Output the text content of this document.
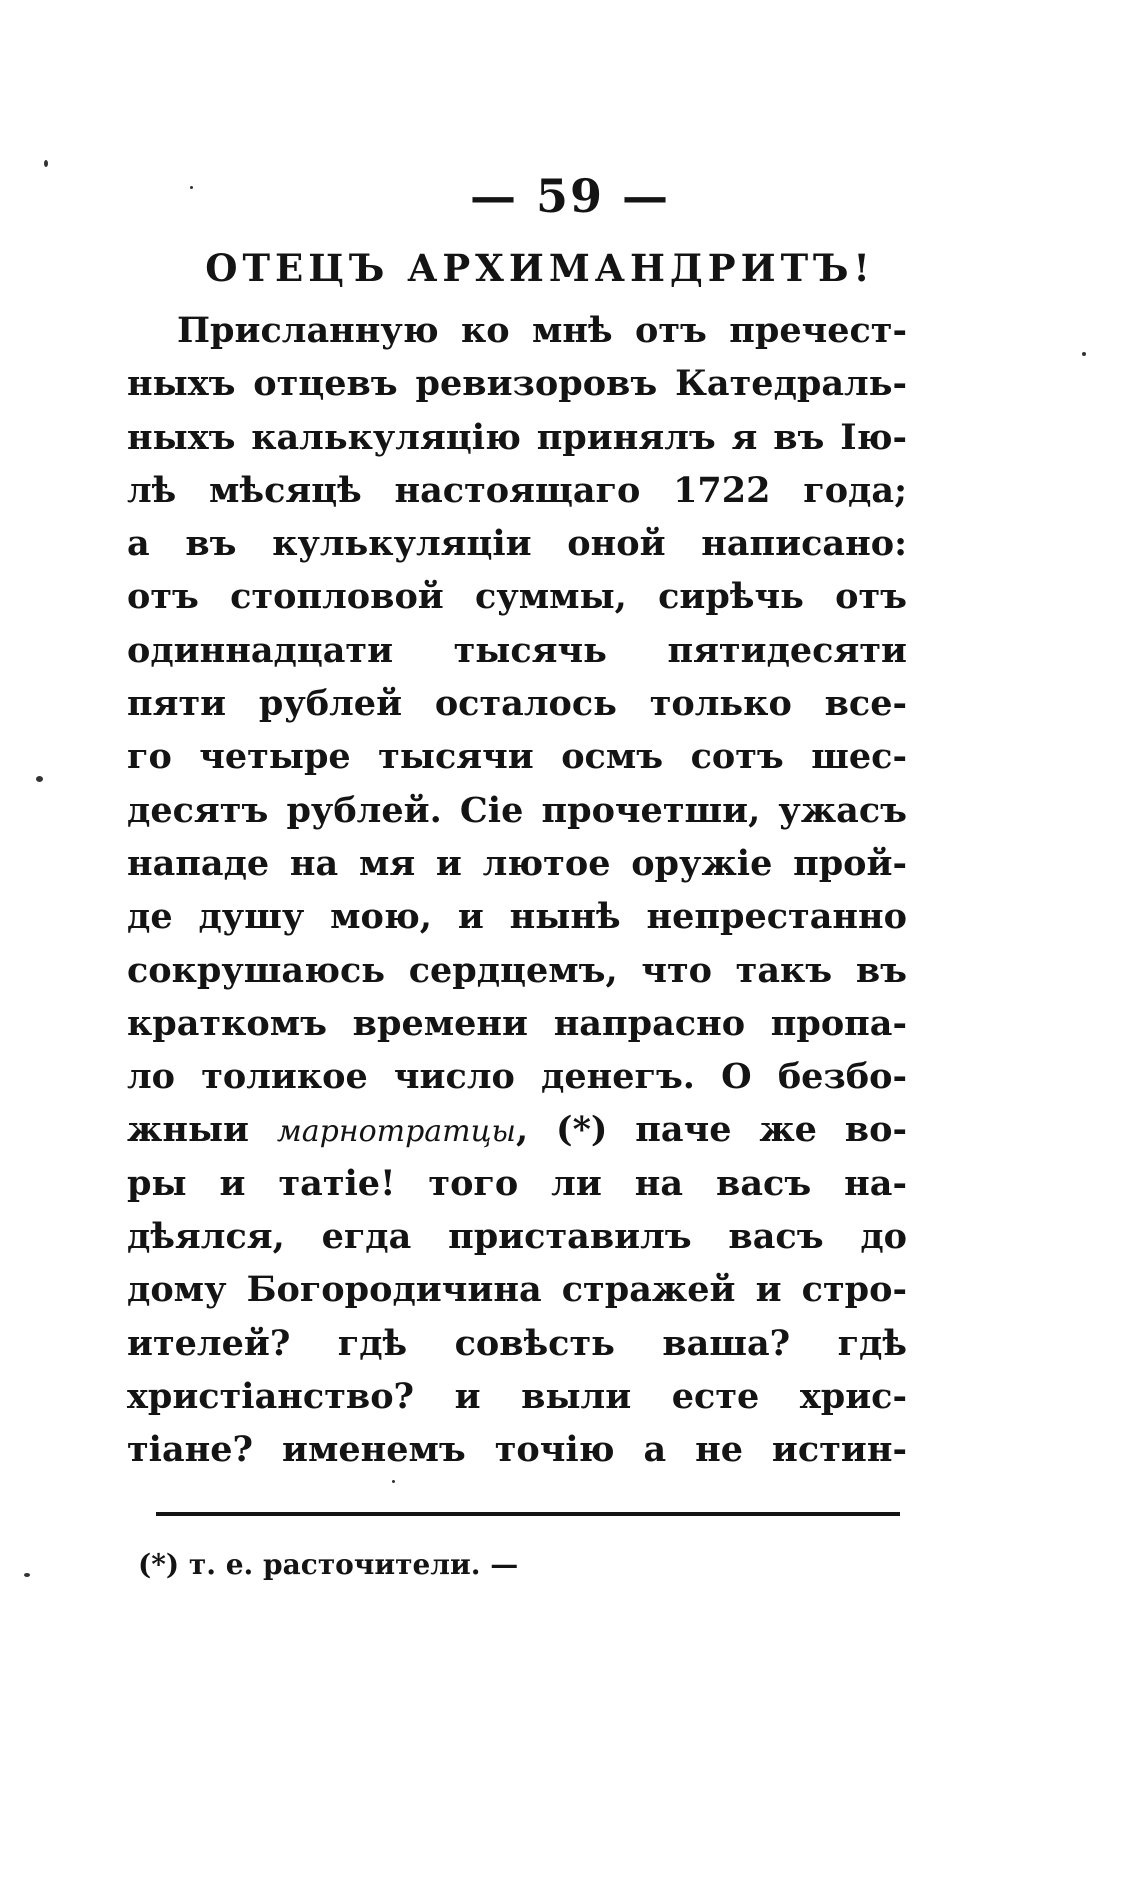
— 59 —
ОТЕЦЪ АРХИМАНДРИТЪ!
Присланную ко мнѣ отъ пречест-
ныхъ отцевъ ревизоровъ Катедраль-
ныхъ калькуляцію принялъ я въ Ію-
лѣ мѣсяцѣ настоящаго 1722 года;
а въ кулькуляціи оной написано:
отъ стопловой суммы, сирѣчь отъ
одиннадцати тысячь пятидесяти
пяти рублей осталось только все-
го четыре тысячи осмъ сотъ шес-
десятъ рублей. Сіе прочетши, ужасъ
нападе на мя и лютое оружіе прой-
де душу мою, и нынѣ непрестанно
сокрушаюсь сердцемъ, что такъ въ
краткомъ времени напрасно пропа-
ло толикое число денегъ. О безбо-
жныи марнотратцы, (*) паче же во-
ры и татіе! того ли на васъ на-
дѣялся, егда приставилъ васъ до
дому Богородичина стражей и стро-
ителей? гдѣ совѣсть ваша? гдѣ
христіанство? и выли есте хрис-
тіане? именемъ точію а не истин-
(*) т. е. расточители. —
